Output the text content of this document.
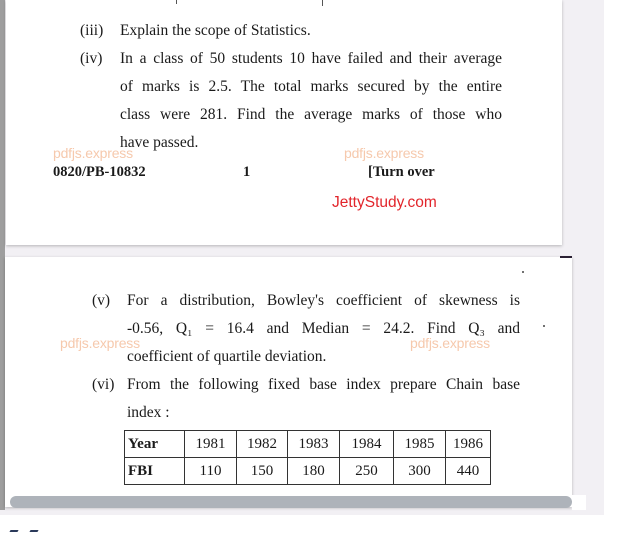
(iii) Explain the scope of Statistics.
(iv) In a class of 50 students 10 have failed and their average
of marks is 2.5. The total marks secured by the entire
class were 281. Find the average marks of those who
have passed.
pdfjs.express	pdfjs.express
0820/PB-10832	1	[Turn over
JettyStudy.com
(v) For a distribution, Bowley's coefficient of skewness is
-0.56, Q₁ = 16.4 and Median = 24.2. Find Q₃ and
coefficient of quartile deviation.
pdfjs.express	pdfjs.express
(vi) From the following fixed base index prepare Chain base
index :
Year	1981	1982	1983	1984	1985	1986
FBI	110	150	180	250	300	440
